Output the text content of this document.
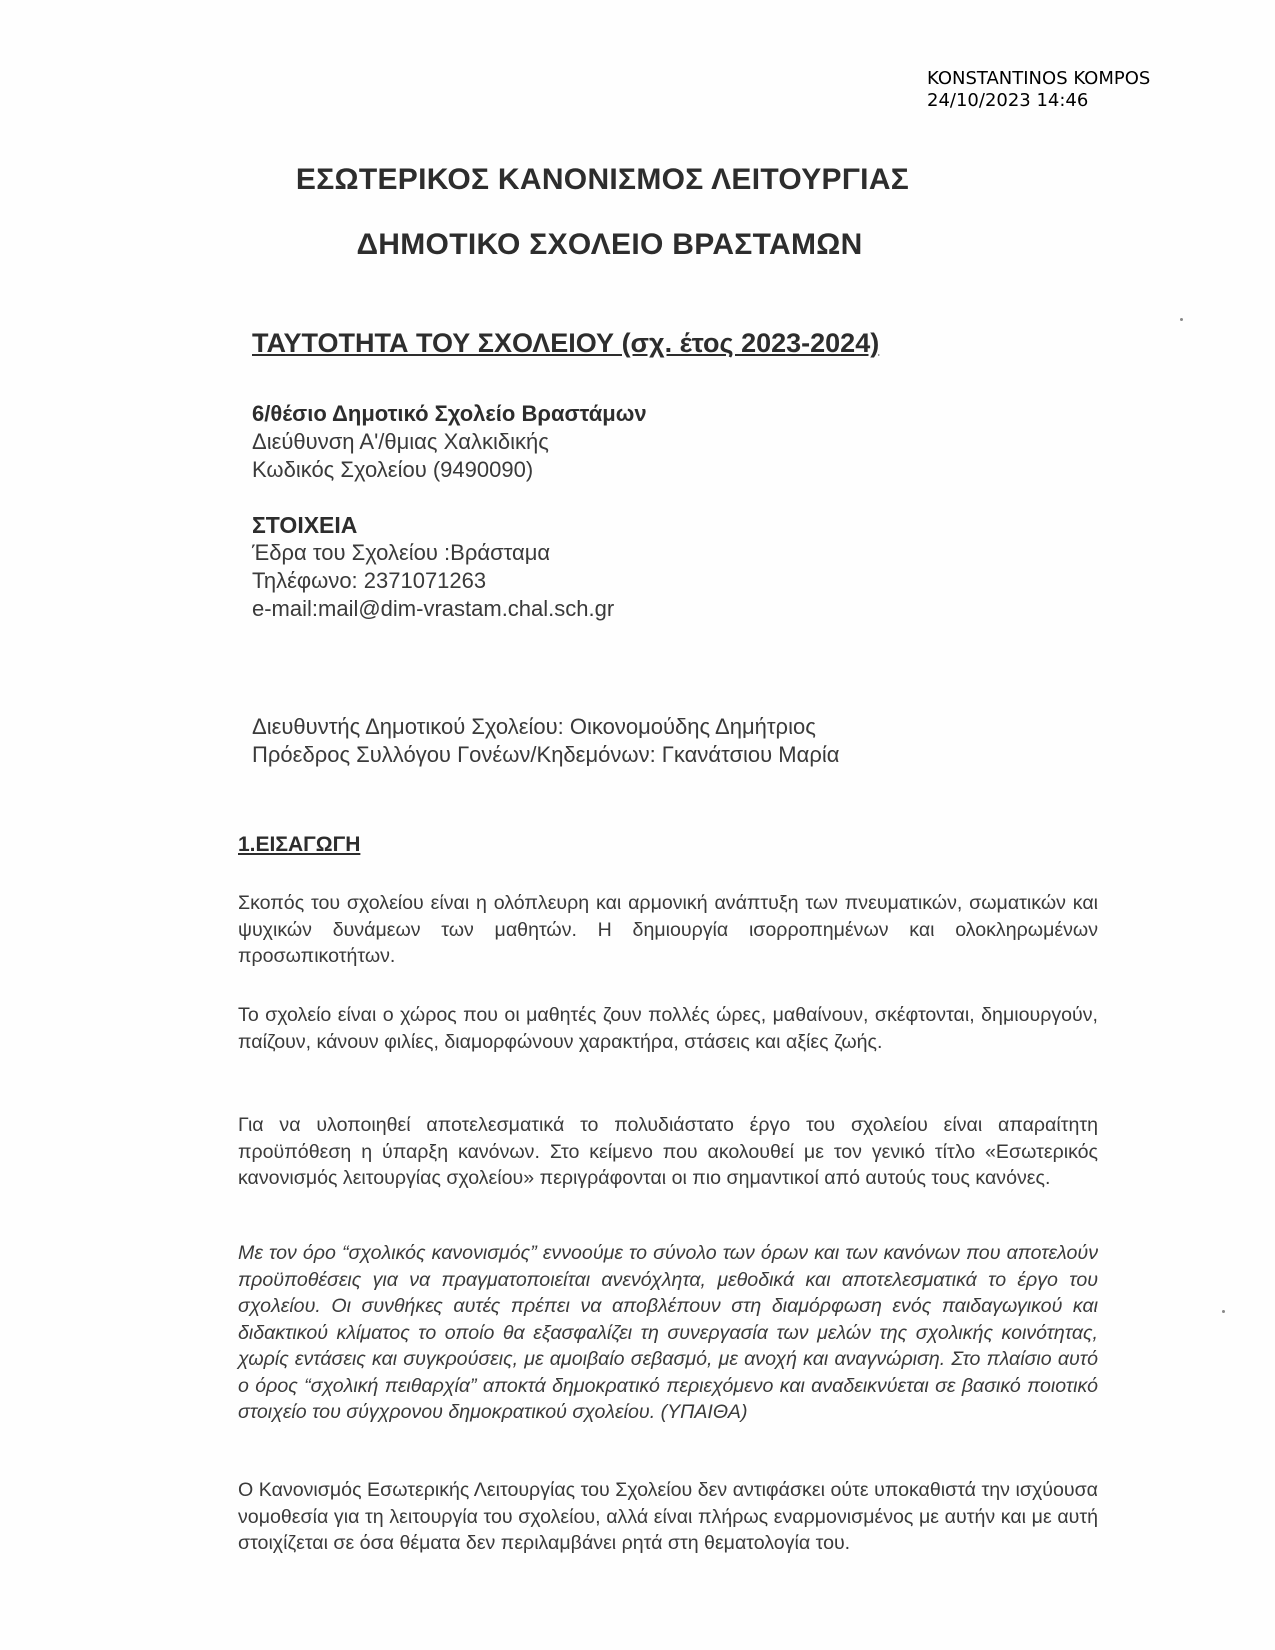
KONSTANTINOS KOMPOS
24/10/2023 14:46
ΕΣΩΤΕΡΙΚΟΣ ΚΑΝΟΝΙΣΜΟΣ ΛΕΙΤΟΥΡΓΙΑΣ
ΔΗΜΟΤΙΚΟ ΣΧΟΛΕΙΟ ΒΡΑΣΤΑΜΩΝ
ΤΑΥΤΟΤΗΤΑ ΤΟΥ ΣΧΟΛΕΙΟΥ (σχ. έτος 2023-2024)
6/θέσιο Δημοτικό Σχολείο Βραστάμων
Διεύθυνση Α'/θμιας Χαλκιδικής
Κωδικός Σχολείου (9490090)
ΣΤΟΙΧΕΙΑ
Έδρα του Σχολείου :Βράσταμα
Τηλέφωνο: 2371071263
e-mail:mail@dim-vrastam.chal.sch.gr
Διευθυντής Δημοτικού Σχολείου: Οικονομούδης Δημήτριος
Πρόεδρος Συλλόγου Γονέων/Κηδεμόνων: Γκανάτσιου Μαρία
1.ΕΙΣΑΓΩΓΗ
Σκοπός του σχολείου είναι η ολόπλευρη και αρμονική ανάπτυξη των πνευματικών, σωματικών και ψυχικών δυνάμεων των μαθητών. Η δημιουργία ισορροπημένων και ολοκληρωμένων προσωπικοτήτων.
Το σχολείο είναι ο χώρος που οι μαθητές ζουν πολλές ώρες, μαθαίνουν, σκέφτονται, δημιουργούν, παίζουν, κάνουν φιλίες, διαμορφώνουν χαρακτήρα, στάσεις και αξίες ζωής.
Για να υλοποιηθεί αποτελεσματικά το πολυδιάστατο έργο του σχολείου είναι απαραίτητη προϋπόθεση η ύπαρξη κανόνων. Στο κείμενο που ακολουθεί με τον γενικό τίτλο «Εσωτερικός κανονισμός λειτουργίας σχολείου» περιγράφονται οι πιο σημαντικοί από αυτούς τους κανόνες.
Με τον όρο “σχολικός κανονισμός” εννοούμε το σύνολο των όρων και των κανόνων που αποτελούν προϋποθέσεις για να πραγματοποιείται ανενόχλητα, μεθοδικά και αποτελεσματικά το έργο του σχολείου. Οι συνθήκες αυτές πρέπει να αποβλέπουν στη διαμόρφωση ενός παιδαγωγικού και διδακτικού κλίματος το οποίο θα εξασφαλίζει τη συνεργασία των μελών της σχολικής κοινότητας, χωρίς εντάσεις και συγκρούσεις, με αμοιβαίο σεβασμό, με ανοχή και αναγνώριση. Στο πλαίσιο αυτό ο όρος “σχολική πειθαρχία” αποκτά δημοκρατικό περιεχόμενο και αναδεικνύεται σε βασικό ποιοτικό στοιχείο του σύγχρονου δημοκρατικού σχολείου. (ΥΠΑΙΘΑ)
Ο Κανονισμός Εσωτερικής Λειτουργίας του Σχολείου δεν αντιφάσκει ούτε υποκαθιστά την ισχύουσα νομοθεσία για τη λειτουργία του σχολείου, αλλά είναι πλήρως εναρμονισμένος με αυτήν και με αυτή στοιχίζεται σε όσα θέματα δεν περιλαμβάνει ρητά στη θεματολογία του.
